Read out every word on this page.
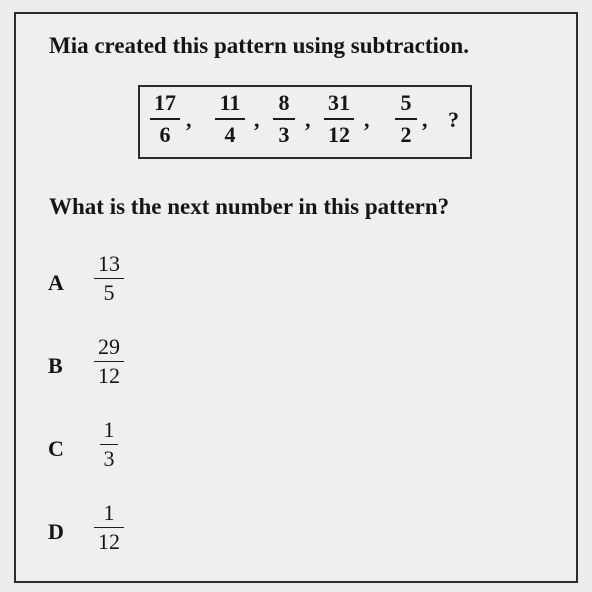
Mia created this pattern using subtraction.
17
6
,
11
4
,
8
3
,
31
12
,
5
2
, ?
What is the next number in this pattern?
A
13
5
B
29
12
C
1
3
D
1
12
